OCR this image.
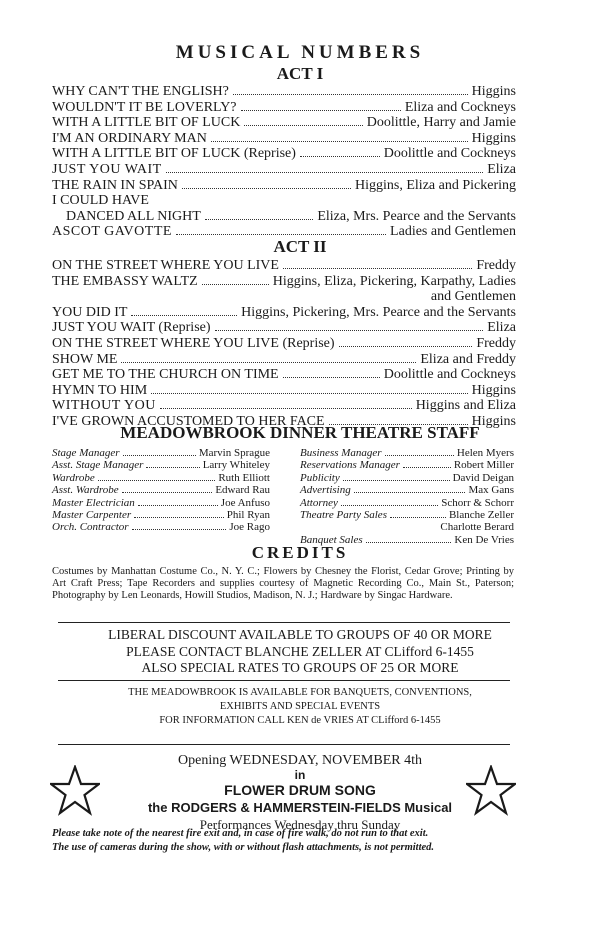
MUSICAL NUMBERS
ACT I
WHY CAN'T THE ENGLISH?	Higgins
WOULDN'T IT BE LOVERLY?	Eliza and Cockneys
WITH A LITTLE BIT OF LUCK	Doolittle, Harry and Jamie
I'M AN ORDINARY MAN	Higgins
WITH A LITTLE BIT OF LUCK (Reprise)	Doolittle and Cockneys
JUST YOU WAIT	Eliza
THE RAIN IN SPAIN	Higgins, Eliza and Pickering
I COULD HAVE
DANCED ALL NIGHT	Eliza, Mrs. Pearce and the Servants
ASCOT GAVOTTE	Ladies and Gentlemen
ACT II
ON THE STREET WHERE YOU LIVE	Freddy
THE EMBASSY WALTZ	Higgins, Eliza, Pickering, Karpathy, Ladies
and Gentlemen
YOU DID IT	Higgins, Pickering, Mrs. Pearce and the Servants
JUST YOU WAIT (Reprise)	Eliza
ON THE STREET WHERE YOU LIVE (Reprise)	Freddy
SHOW ME	Eliza and Freddy
GET ME TO THE CHURCH ON TIME	Doolittle and Cockneys
HYMN TO HIM	Higgins
WITHOUT YOU	Higgins and Eliza
I'VE GROWN ACCUSTOMED TO HER FACE	Higgins
MEADOWBROOK DINNER THEATRE STAFF
Stage Manager	Marvin Sprague
Asst. Stage Manager	Larry Whiteley
Wardrobe	Ruth Elliott
Asst. Wardrobe	Edward Rau
Master Electrician	Joe Anfuso
Master Carpenter	Phil Ryan
Orch. Contractor	Joe Rago
Business Manager	Helen Myers
Reservations Manager	Robert Miller
Publicity	David Deigan
Advertising	Max Gans
Attorney	Schorr & Schorr
Theatre Party Sales	Blanche Zeller
Charlotte Berard
Banquet Sales	Ken De Vries
CREDITS
Costumes by Manhattan Costume Co., N. Y. C.; Flowers by Chesney the Florist, Cedar Grove; Printing by Art Craft Press; Tape Recorders and supplies courtesy of Magnetic Recording Co., Main St., Paterson; Photography by Len Leonards, Howill Studios, Madison, N. J.; Hardware by Singac Hardware.
LIBERAL DISCOUNT AVAILABLE TO GROUPS OF 40 OR MORE
PLEASE CONTACT BLANCHE ZELLER AT CLifford 6-1455
ALSO SPECIAL RATES TO GROUPS OF 25 OR MORE
THE MEADOWBROOK IS AVAILABLE FOR BANQUETS, CONVENTIONS,
EXHIBITS AND SPECIAL EVENTS
FOR INFORMATION CALL KEN de VRIES AT CLifford 6-1455
Opening WEDNESDAY, NOVEMBER 4th
in
FLOWER DRUM SONG
the RODGERS & HAMMERSTEIN-FIELDS Musical
Performances Wednesday thru Sunday
Please take note of the nearest fire exit and, in case of fire walk, do not run to that exit.
The use of cameras during the show, with or without flash attachments, is not permitted.
